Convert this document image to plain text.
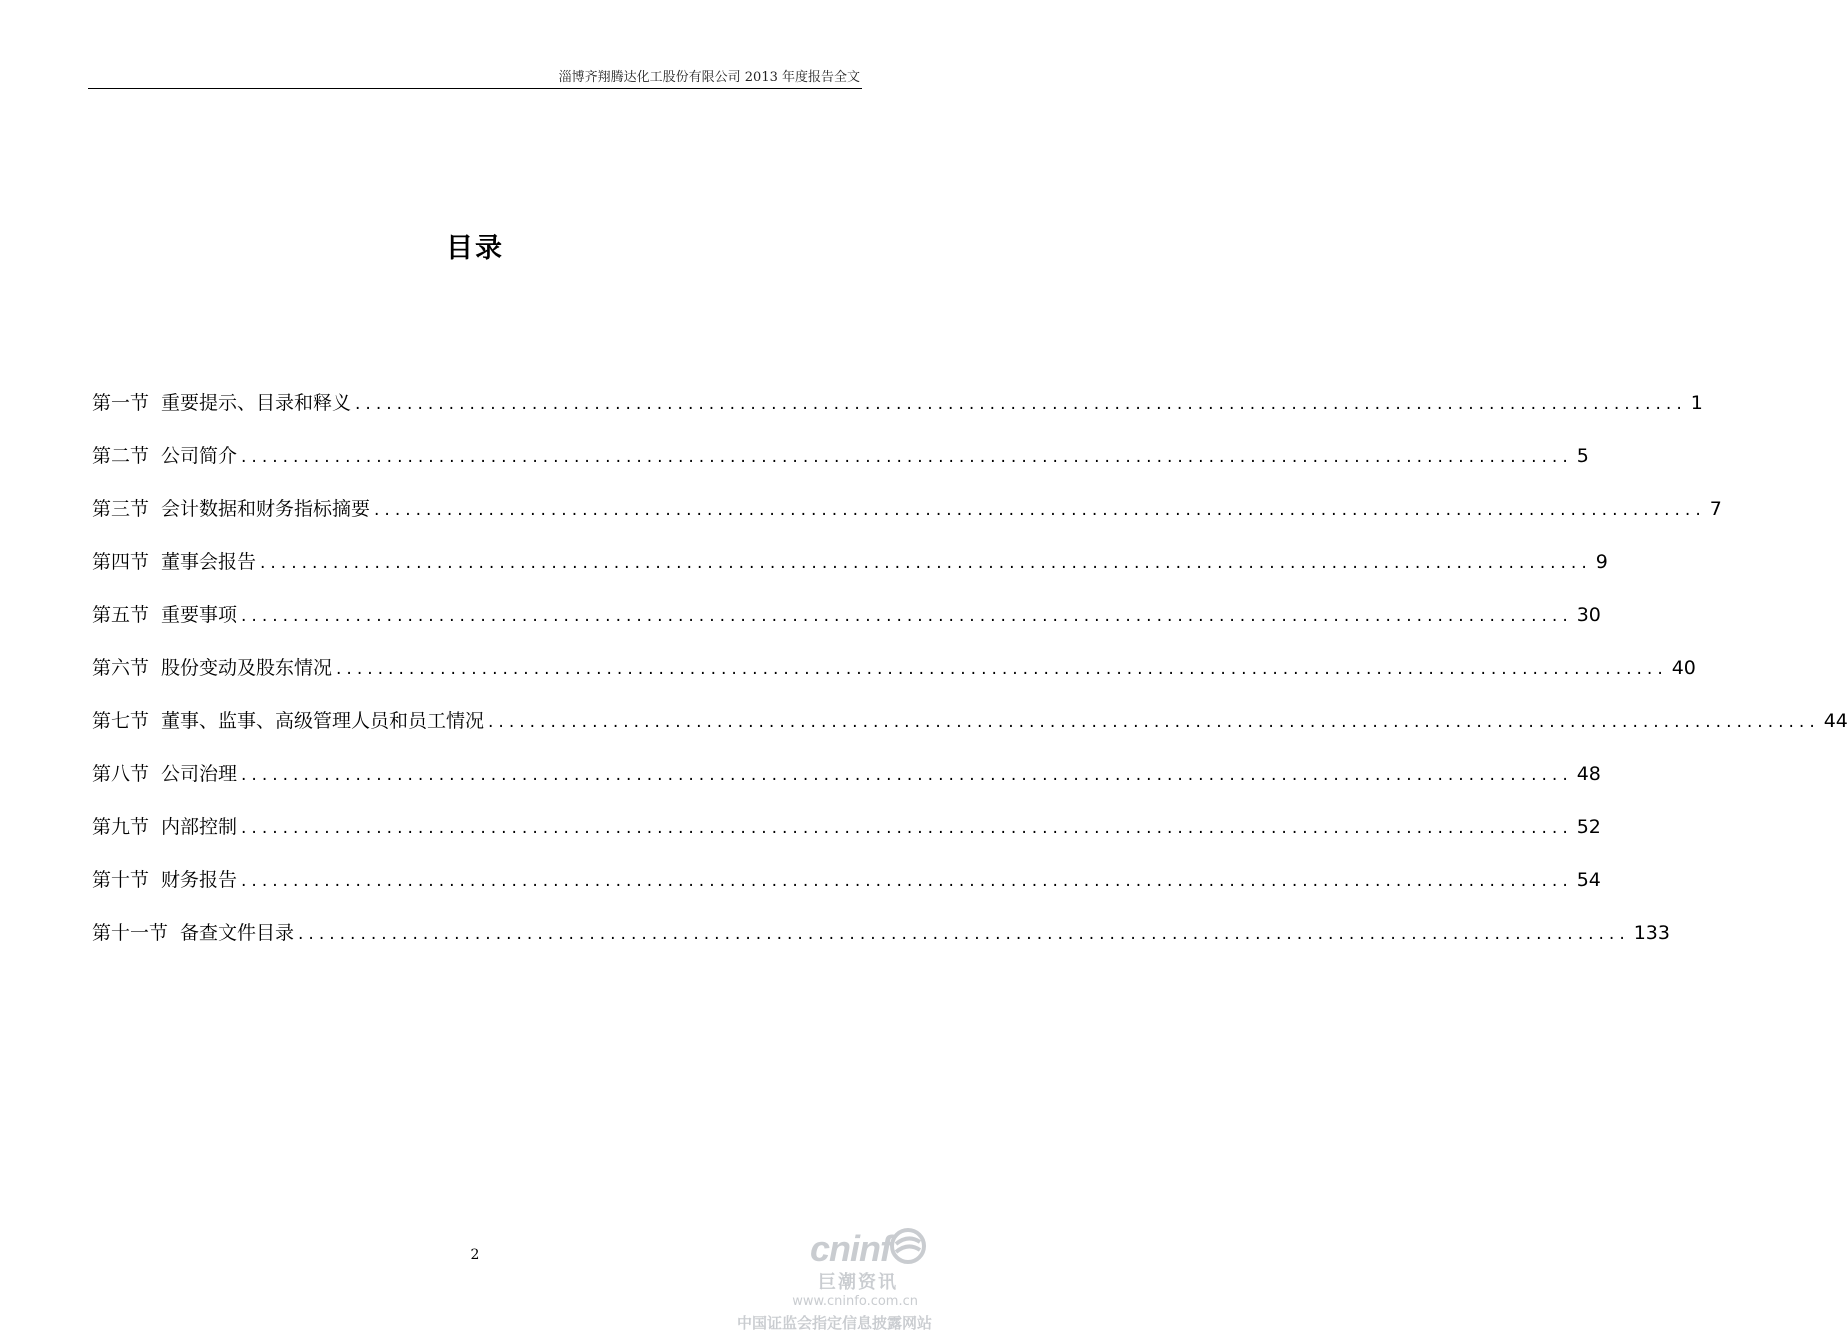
淄博齐翔腾达化工股份有限公司 2013 年度报告全文
目录
第一节 重要提示、目录和释义 ................................................................................................................................ 1
第二节 公司简介 ................................................................................................................................ 5
第三节 会计数据和财务指标摘要 ................................................................................................................................ 7
第四节 董事会报告 ................................................................................................................................ 9
第五节 重要事项 ................................................................................................................................ 30
第六节 股份变动及股东情况 ................................................................................................................................ 40
第七节 董事、监事、高级管理人员和员工情况 ................................................................................................................................ 44
第八节 公司治理 ................................................................................................................................ 48
第九节 内部控制 ................................................................................................................................ 52
第十节 财务报告 ................................................................................................................................ 54
第十一节 备查文件目录 ................................................................................................................................ 133
2	cninf
巨潮资讯
www.cninfo.com.cn
中国证监会指定信息披露网站
